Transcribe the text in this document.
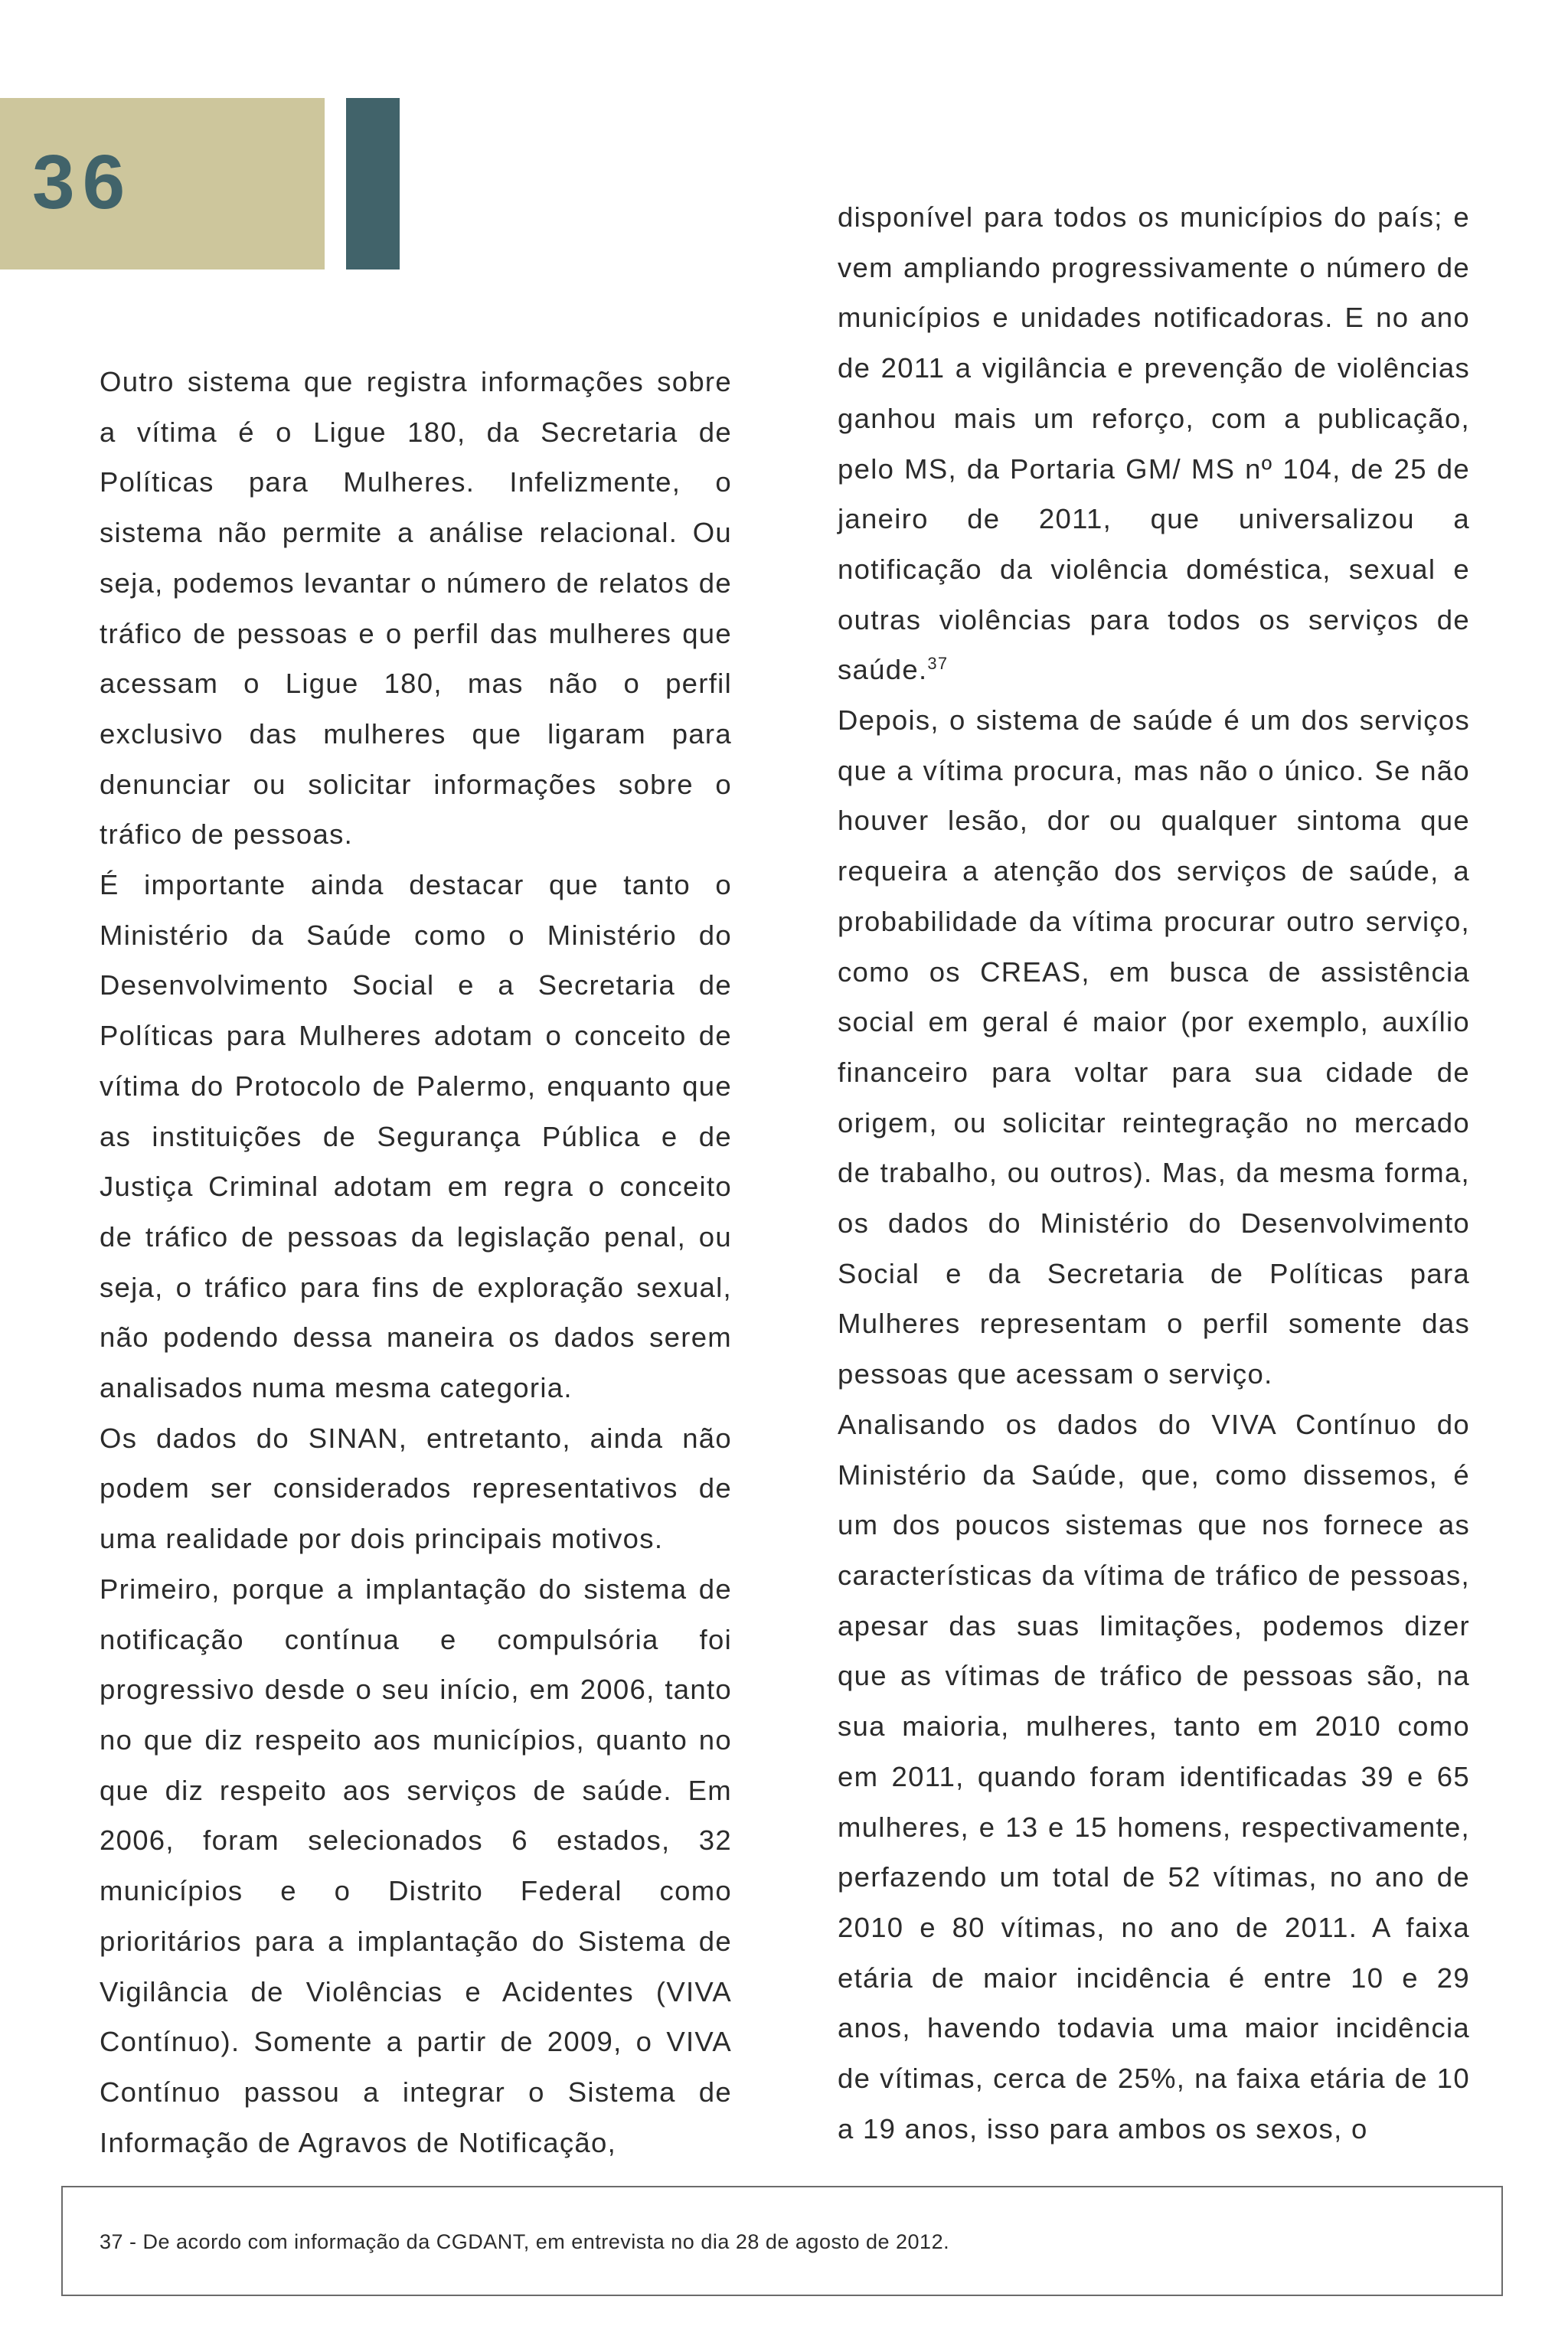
36

Outro sistema que registra informações sobre a vítima é o Ligue 180, da Secretaria de Políticas para Mulheres. Infelizmente, o sistema não permite a análise relacional. Ou seja, podemos levantar o número de relatos de tráfico de pessoas e o perfil das mulheres que acessam o Ligue 180, mas não o perfil exclusivo das mulheres que ligaram para denunciar ou solicitar informações sobre o tráfico de pessoas.

É importante ainda destacar que tanto o Ministério da Saúde como o Ministério do Desenvolvimento Social e a Secretaria de Políticas para Mulheres adotam o conceito de vítima do Protocolo de Palermo, enquanto que as instituições de Segurança Pública e de Justiça Criminal adotam em regra o conceito de tráfico de pessoas da legislação penal, ou seja, o tráfico para fins de exploração sexual, não podendo dessa maneira os dados serem analisados numa mesma categoria.

Os dados do SINAN, entretanto, ainda não podem ser considerados representativos de uma realidade por dois principais motivos.

Primeiro, porque a implantação do sistema de notificação contínua e compulsória foi progressivo desde o seu início, em 2006, tanto no que diz respeito aos municípios, quanto no que diz respeito aos serviços de saúde. Em 2006, foram selecionados 6 estados, 32 municípios e o Distrito Federal como prioritários para a implantação do Sistema de Vigilância de Violências e Acidentes (VIVA Contínuo). Somente a partir de 2009, o VIVA Contínuo passou a integrar o Sistema de Informação de Agravos de Notificação,

disponível para todos os municípios do país; e vem ampliando progressivamente o número de municípios e unidades notificadoras. E no ano de 2011 a vigilância e prevenção de violências ganhou mais um reforço, com a publicação, pelo MS, da Portaria GM/ MS nº 104, de 25 de janeiro de 2011, que universalizou a notificação da violência doméstica, sexual e outras violências para todos os serviços de saúde.$^{37}$

Depois, o sistema de saúde é um dos serviços que a vítima procura, mas não o único. Se não houver lesão, dor ou qualquer sintoma que requeira a atenção dos serviços de saúde, a probabilidade da vítima procurar outro serviço, como os CREAS, em busca de assistência social em geral é maior (por exemplo, auxílio financeiro para voltar para sua cidade de origem, ou solicitar reintegração no mercado de trabalho, ou outros). Mas, da mesma forma, os dados do Ministério do Desenvolvimento Social e da Secretaria de Políticas para Mulheres representam o perfil somente das pessoas que acessam o serviço.

Analisando os dados do VIVA Contínuo do Ministério da Saúde, que, como dissemos, é um dos poucos sistemas que nos fornece as características da vítima de tráfico de pessoas, apesar das suas limitações, podemos dizer que as vítimas de tráfico de pessoas são, na sua maioria, mulheres, tanto em 2010 como em 2011, quando foram identificadas 39 e 65 mulheres, e 13 e 15 homens, respectivamente, perfazendo um total de 52 vítimas, no ano de 2010 e 80 vítimas, no ano de 2011. A faixa etária de maior incidência é entre 10 e 29 anos, havendo todavia uma maior incidência de vítimas, cerca de 25%, na faixa etária de 10 a 19 anos, isso para ambos os sexos, o

37 - De acordo com informação da CGDANT, em entrevista no dia 28 de agosto de 2012.
